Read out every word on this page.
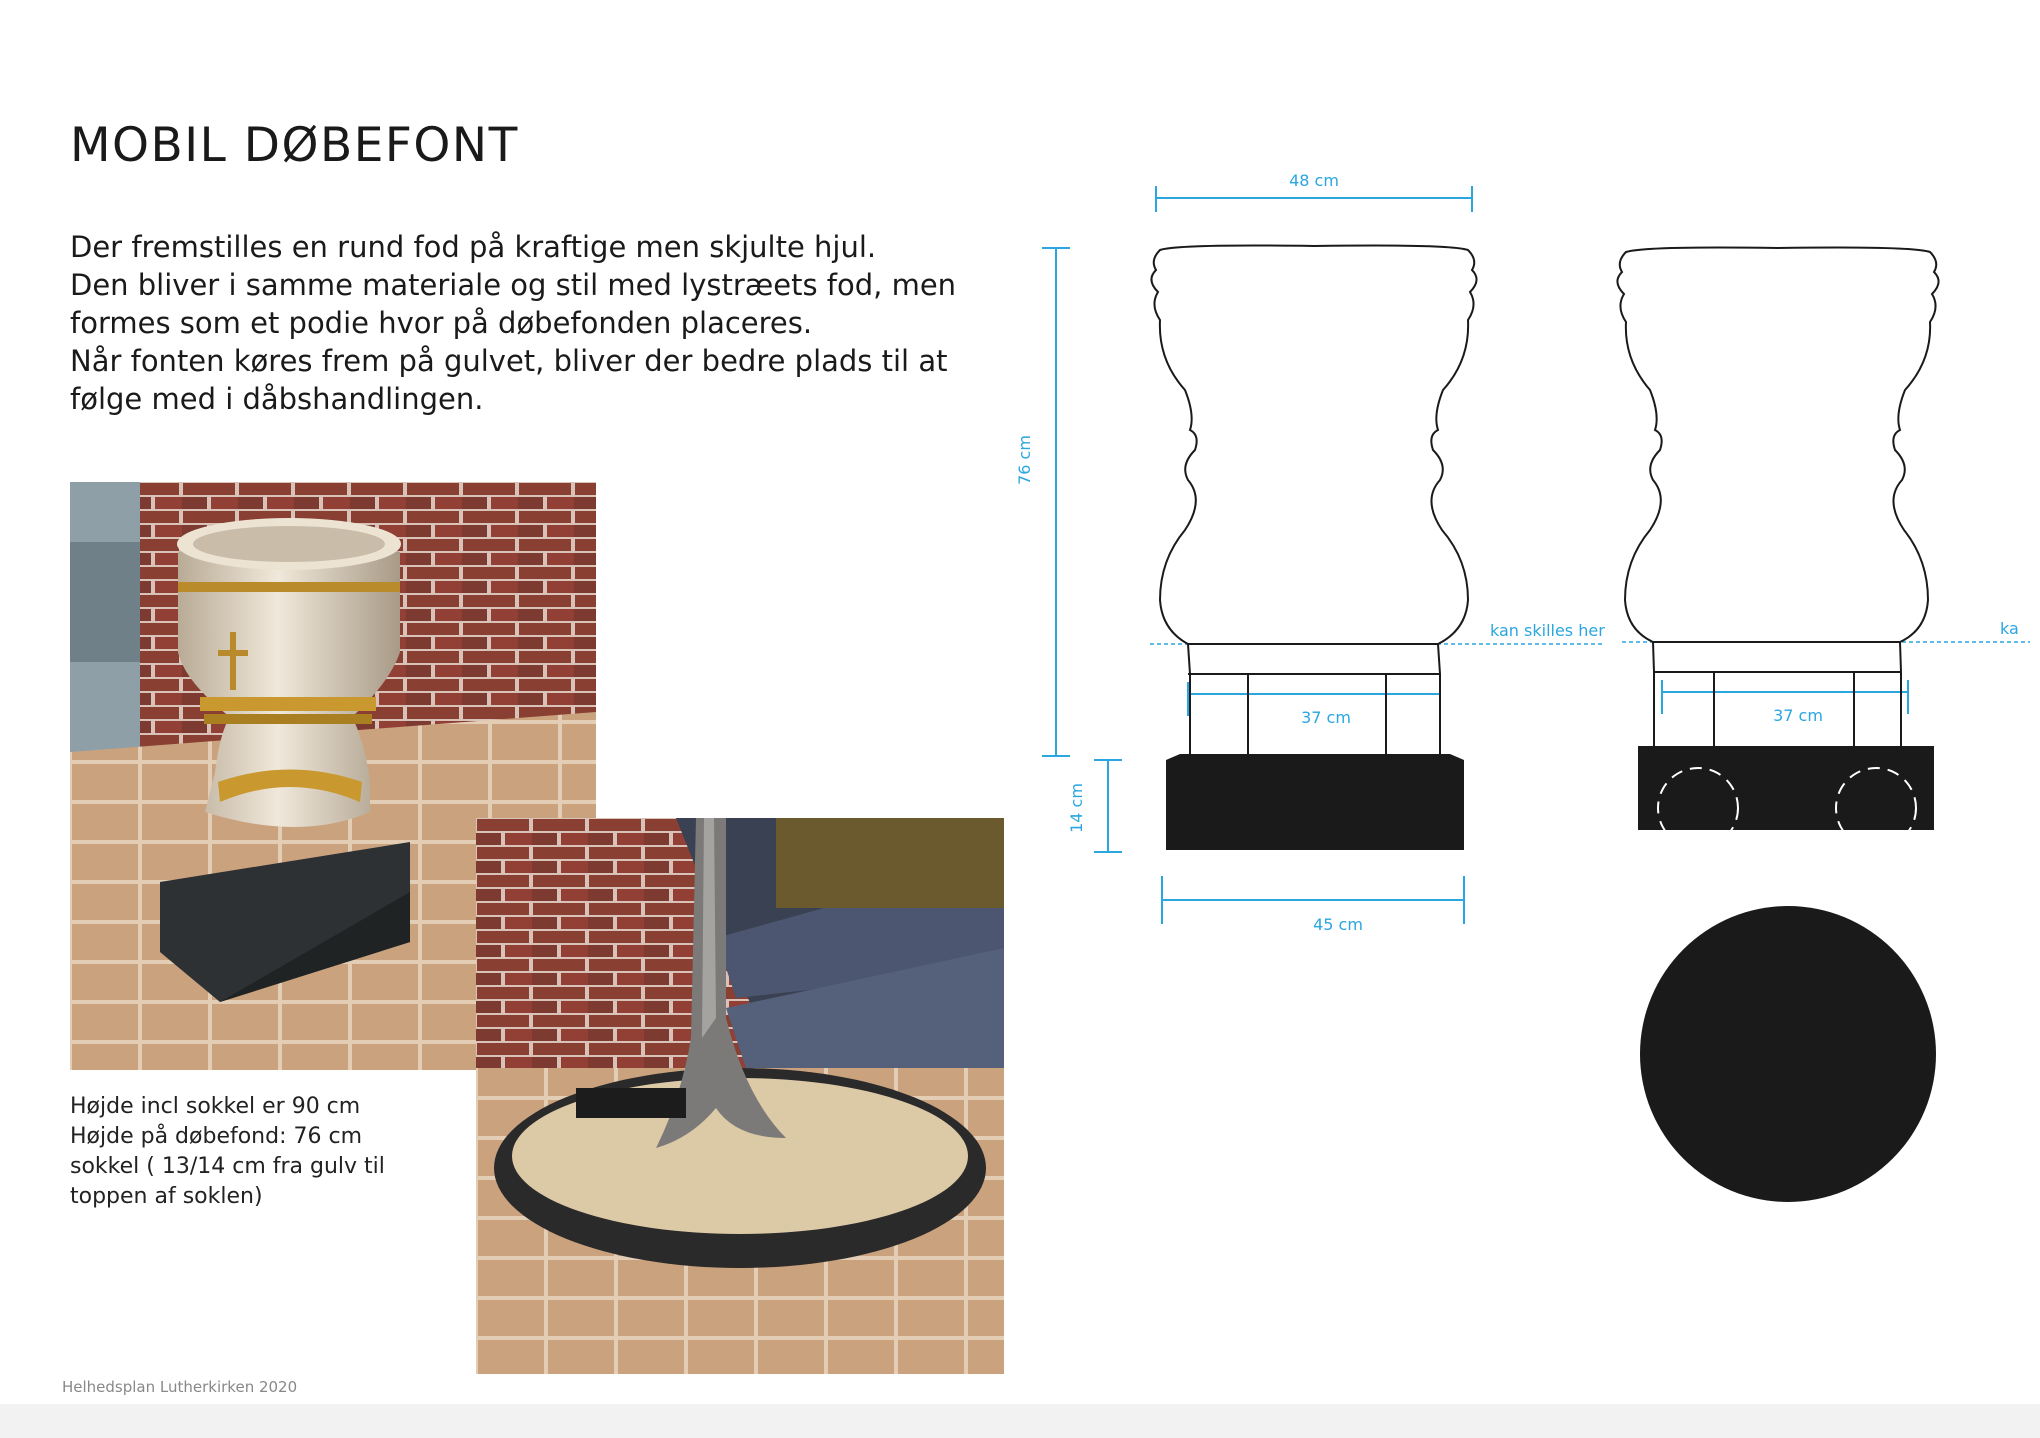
MOBIL DØBEFONT

Der fremstilles en rund fod på kraftige men skjulte hjul.

Den bliver i samme materiale og stil med lystræets fod, men

formes som et podie hvor på døbefonden placeres.

Når fonten køres frem på gulvet, bliver der bedre plads til at

følge med i dåbshandlingen.

Højde incl sokkel er 90 cm

Højde på døbefond: 76 cm

sokkel ( 13/14 cm fra gulv til

toppen af soklen)

Helhedsplan Lutherkirken 2020
48 cm
76 cm
14 cm
37 cm	37 cm
45 cm
kan skilles her	ka
